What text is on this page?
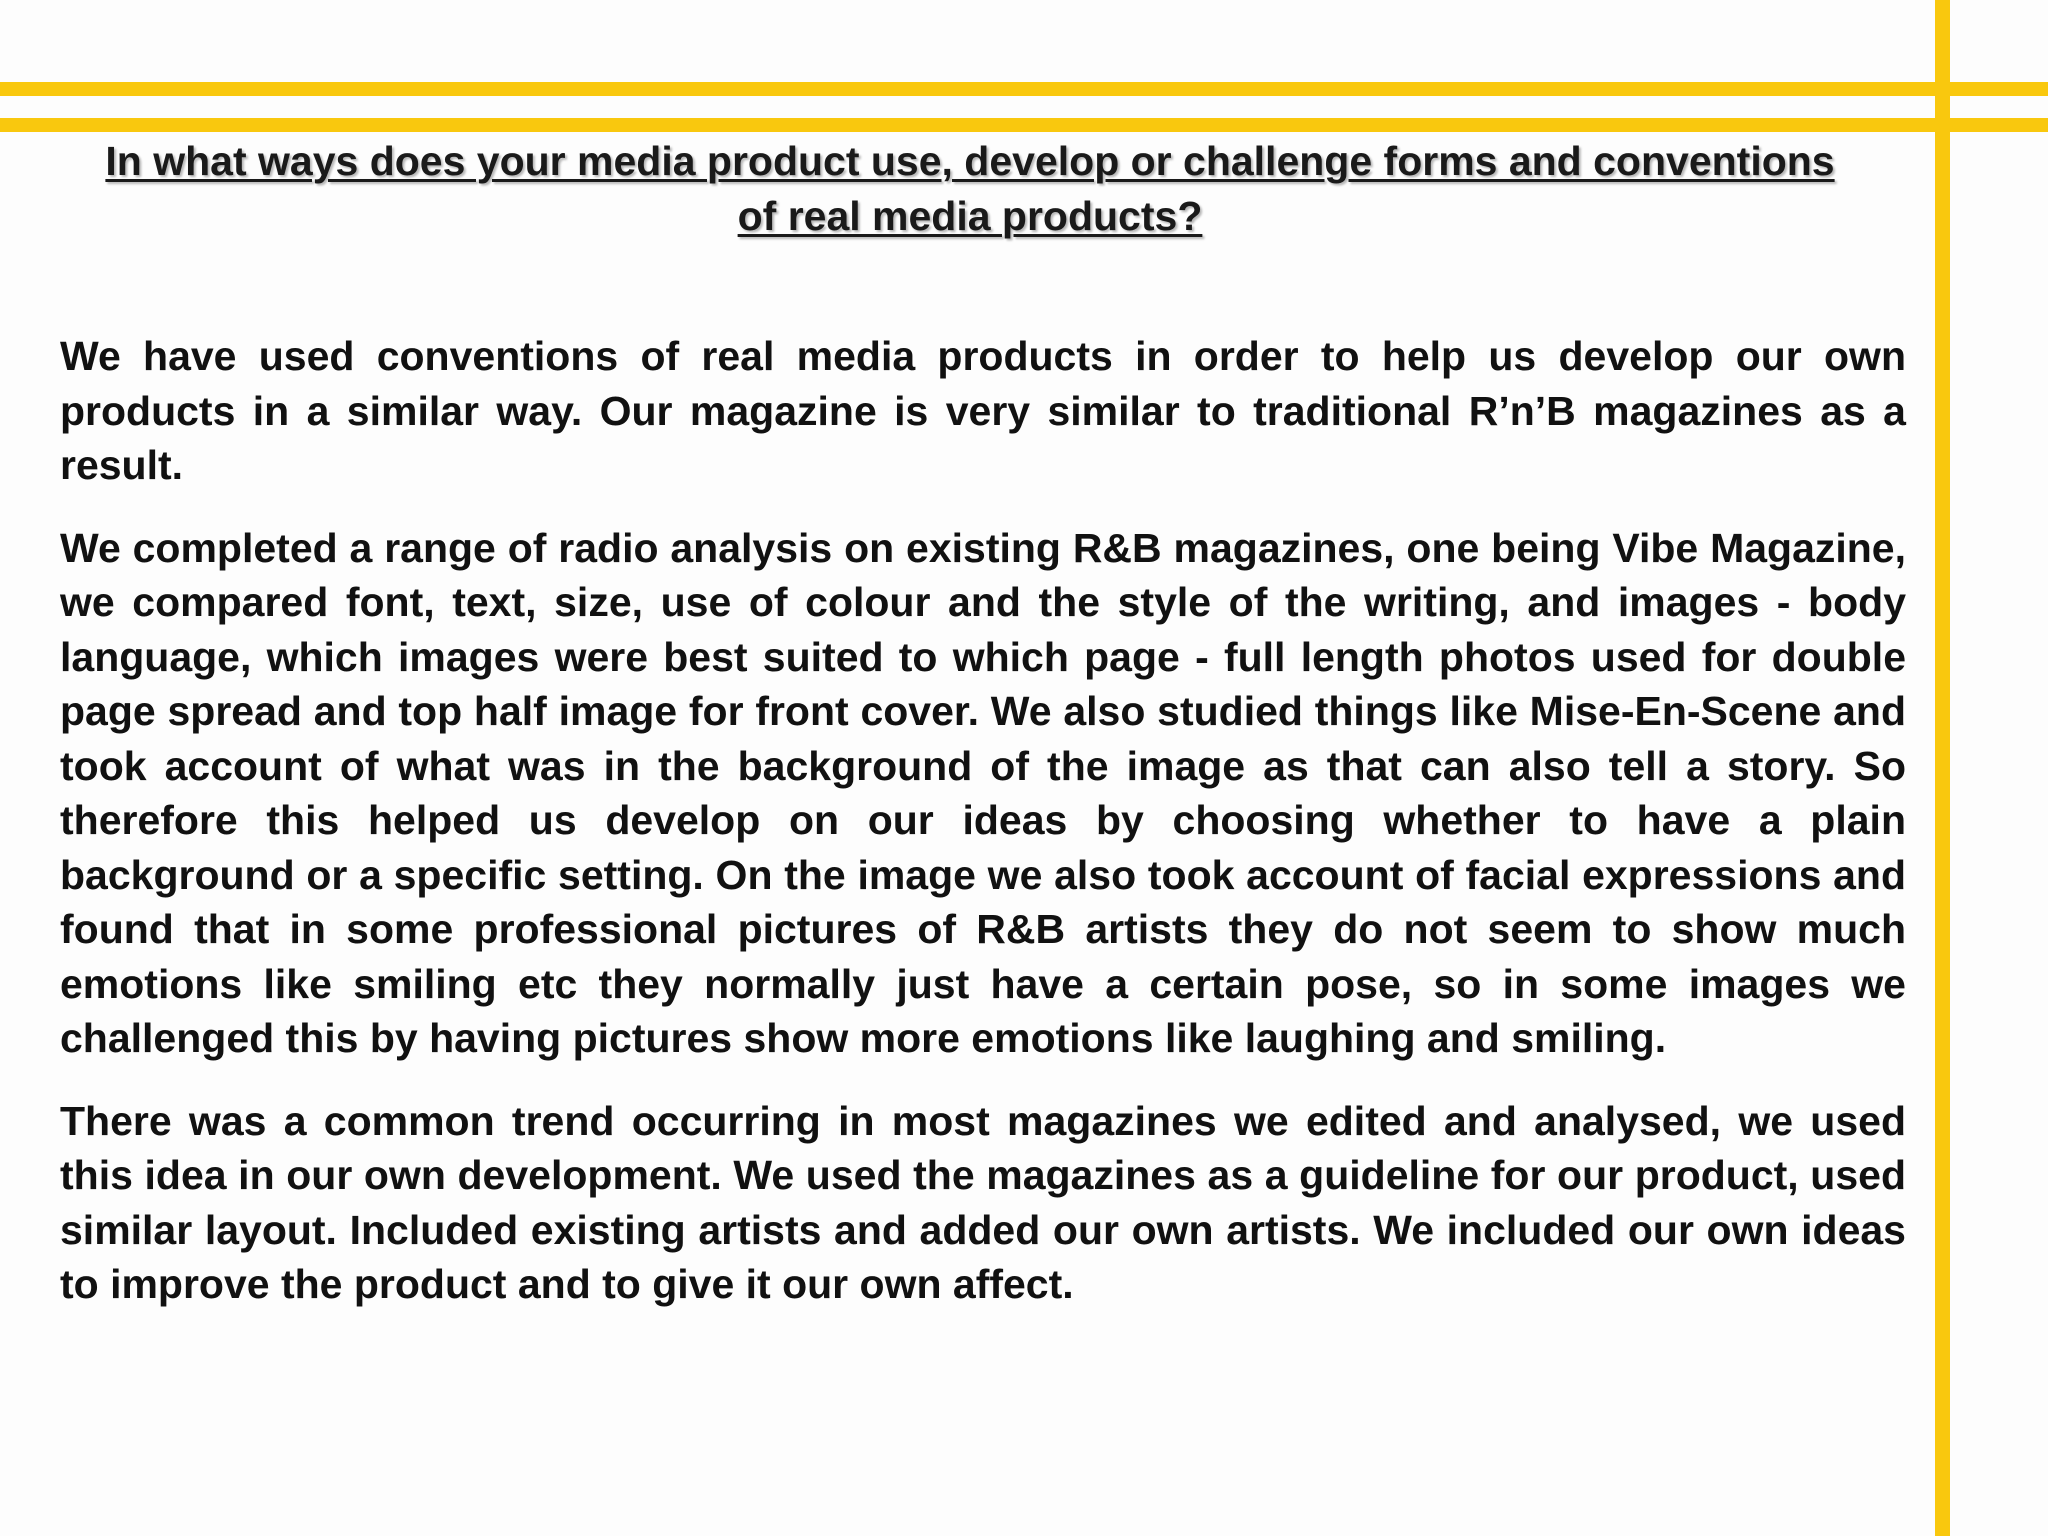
In what ways does your media product use, develop or challenge forms and conventions of real media products?

We have used conventions of real media products in order to help us develop our own products in a similar way. Our magazine is very similar to traditional R’n’B magazines as a result.

We completed a range of radio analysis on existing R&B magazines, one being Vibe Magazine, we compared font, text, size, use of colour and the style of the writing, and images - body language, which images were best suited to which page - full length photos used for double page spread and top half image for front cover. We also studied things like Mise-En-Scene and took account of what was in the background of the image as that can also tell a story. So therefore this helped us develop on our ideas by choosing whether to have a plain background or a specific setting. On the image we also took account of facial expressions and found that in some professional pictures of R&B artists they do not seem to show much emotions like smiling etc they normally just have a certain pose, so in some images we challenged this by having pictures show more emotions like laughing and smiling.

There was a common trend occurring in most magazines we edited and analysed, we used this idea in our own development. We used the magazines as a guideline for our product, used similar layout. Included existing artists and added our own artists. We included our own ideas to improve the product and to give it our own affect.
